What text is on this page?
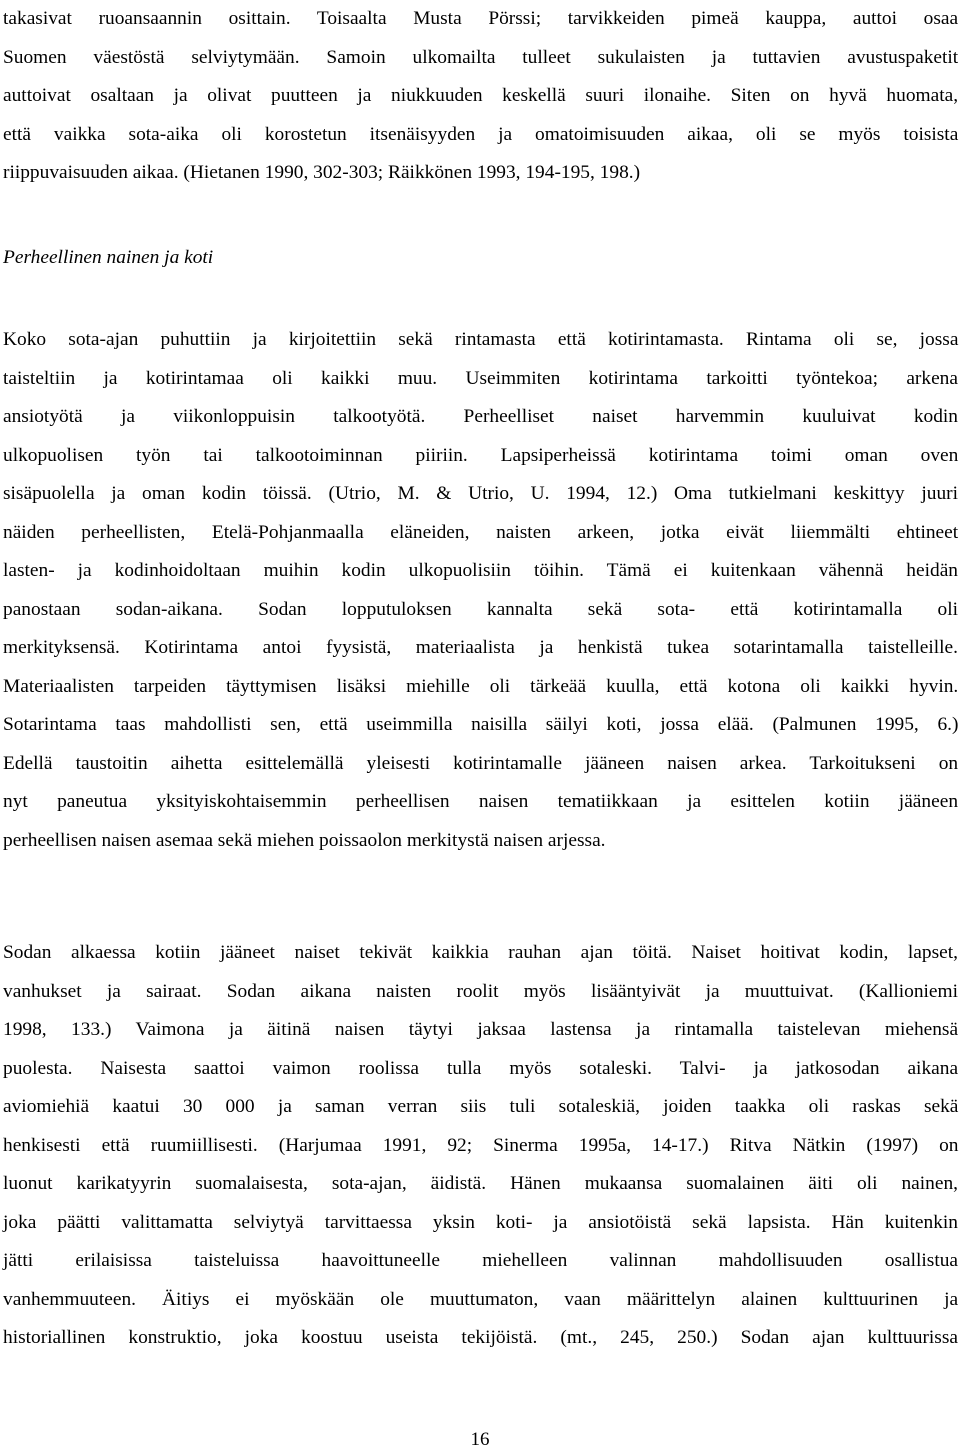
takasivat ruoansaannin osittain. Toisaalta Musta Pörssi; tarvikkeiden pimeä kauppa, auttoi osaa
Suomen väestöstä selviytymään. Samoin ulkomailta tulleet sukulaisten ja tuttavien avustuspaketit
auttoivat osaltaan ja olivat puutteen ja niukkuuden keskellä suuri ilonaihe. Siten on hyvä huomata,
että vaikka sota-aika oli korostetun itsenäisyyden ja omatoimisuuden aikaa, oli se myös toisista
riippuvaisuuden aikaa. (Hietanen 1990, 302-303; Räikkönen 1993, 194-195, 198.)

Perheellinen nainen ja koti

Koko sota-ajan puhuttiin ja kirjoitettiin sekä rintamasta että kotirintamasta. Rintama oli se, jossa
taisteltiin ja kotirintamaa oli kaikki muu. Useimmiten kotirintama tarkoitti työntekoa; arkena
ansiotyötä ja viikonloppuisin talkootyötä. Perheelliset naiset harvemmin kuuluivat kodin
ulkopuolisen työn tai talkootoiminnan piiriin. Lapsiperheissä kotirintama toimi oman oven
sisäpuolella ja oman kodin töissä. (Utrio, M. & Utrio, U. 1994, 12.) Oma tutkielmani keskittyy juuri
näiden perheellisten, Etelä-Pohjanmaalla eläneiden, naisten arkeen, jotka eivät liiemmälti ehtineet
lasten- ja kodinhoidoltaan muihin kodin ulkopuolisiin töihin. Tämä ei kuitenkaan vähennä heidän
panostaan sodan-aikana. Sodan lopputuloksen kannalta sekä sota- että kotirintamalla oli
merkityksensä. Kotirintama antoi fyysistä, materiaalista ja henkistä tukea sotarintamalla taistelleille.
Materiaalisten tarpeiden täyttymisen lisäksi miehille oli tärkeää kuulla, että kotona oli kaikki hyvin.
Sotarintama taas mahdollisti sen, että useimmilla naisilla säilyi koti, jossa elää. (Palmunen 1995, 6.)
Edellä taustoitin aihetta esittelemällä yleisesti kotirintamalle jääneen naisen arkea. Tarkoitukseni on
nyt paneutua yksityiskohtaisemmin perheellisen naisen tematiikkaan ja esittelen kotiin jääneen
perheellisen naisen asemaa sekä miehen poissaolon merkitystä naisen arjessa.

Sodan alkaessa kotiin jääneet naiset tekivät kaikkia rauhan ajan töitä. Naiset hoitivat kodin, lapset,
vanhukset ja sairaat. Sodan aikana naisten roolit myös lisääntyivät ja muuttuivat. (Kallioniemi
1998, 133.) Vaimona ja äitinä naisen täytyi jaksaa lastensa ja rintamalla taistelevan miehensä
puolesta. Naisesta saattoi vaimon roolissa tulla myös sotaleski. Talvi- ja jatkosodan aikana
aviomiehiä kaatui 30 000 ja saman verran siis tuli sotaleskiä, joiden taakka oli raskas sekä
henkisesti että ruumiillisesti. (Harjumaa 1991, 92; Sinerma 1995a, 14-17.) Ritva Nätkin (1997) on
luonut karikatyyrin suomalaisesta, sota-ajan, äidistä. Hänen mukaansa suomalainen äiti oli nainen,
joka päätti valittamatta selviytyä tarvittaessa yksin koti- ja ansiotöistä sekä lapsista. Hän kuitenkin
jätti erilaisissa taisteluissa haavoittuneelle miehelleen valinnan mahdollisuuden osallistua
vanhemmuuteen. Äitiys ei myöskään ole muuttumaton, vaan määrittelyn alainen kulttuurinen ja
historiallinen konstruktio, joka koostuu useista tekijöistä. (mt., 245, 250.) Sodan ajan kulttuurissa

16
